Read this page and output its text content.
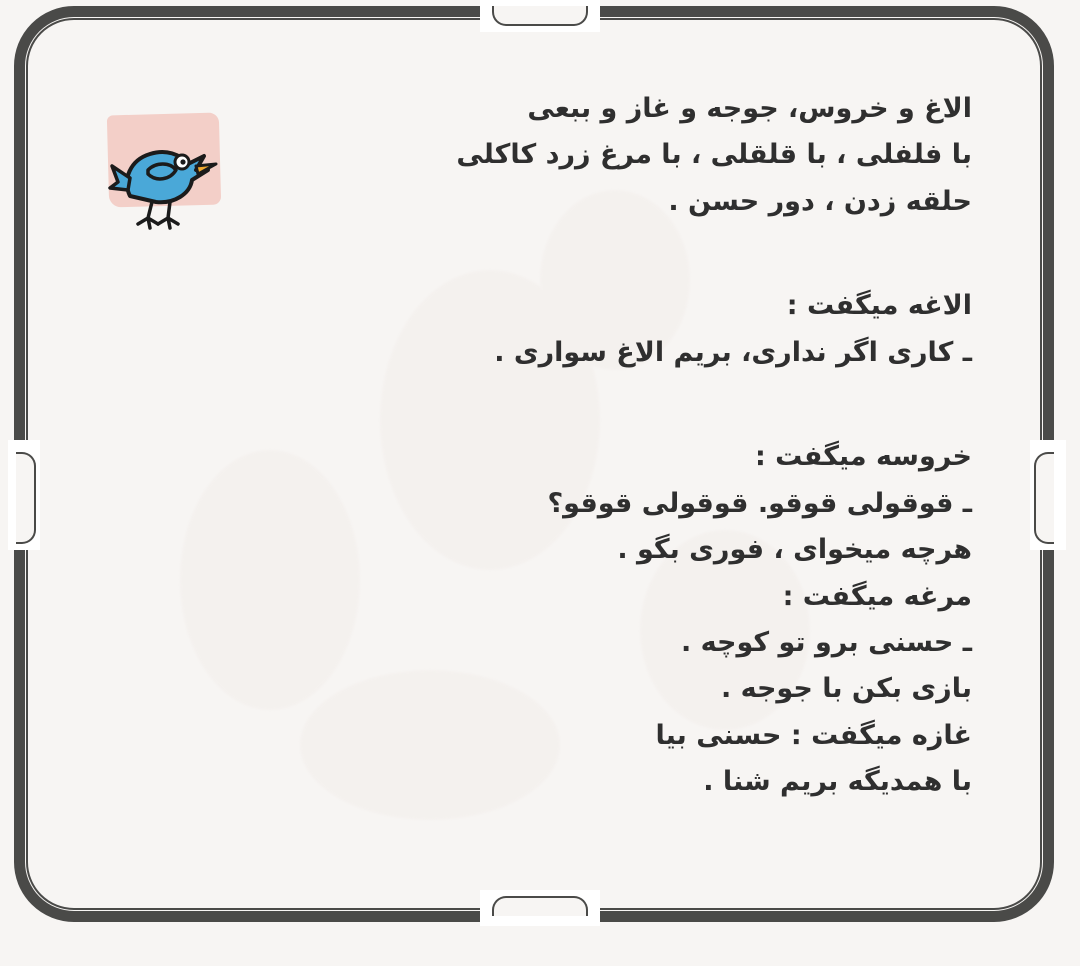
الاغ و خروس، جوجه و غاز و ببعی
با فلفلی ، با قلقلی ، با مرغ زرد کاکلی
حلقه زدن ، دور حسن .
الاغه میگفت :
ـ کاری اگر نداری، بریم الاغ سواری .
خروسه میگفت :
ـ قوقولی قوقو. قوقولی قوقو؟
هرچه میخوای ، فوری بگو .
مرغه میگفت :
ـ حسنی برو تو کوچه .
بازی بکن با جوجه .
غازه میگفت : حسنی بیا
با همدیگه بریم شنا .
